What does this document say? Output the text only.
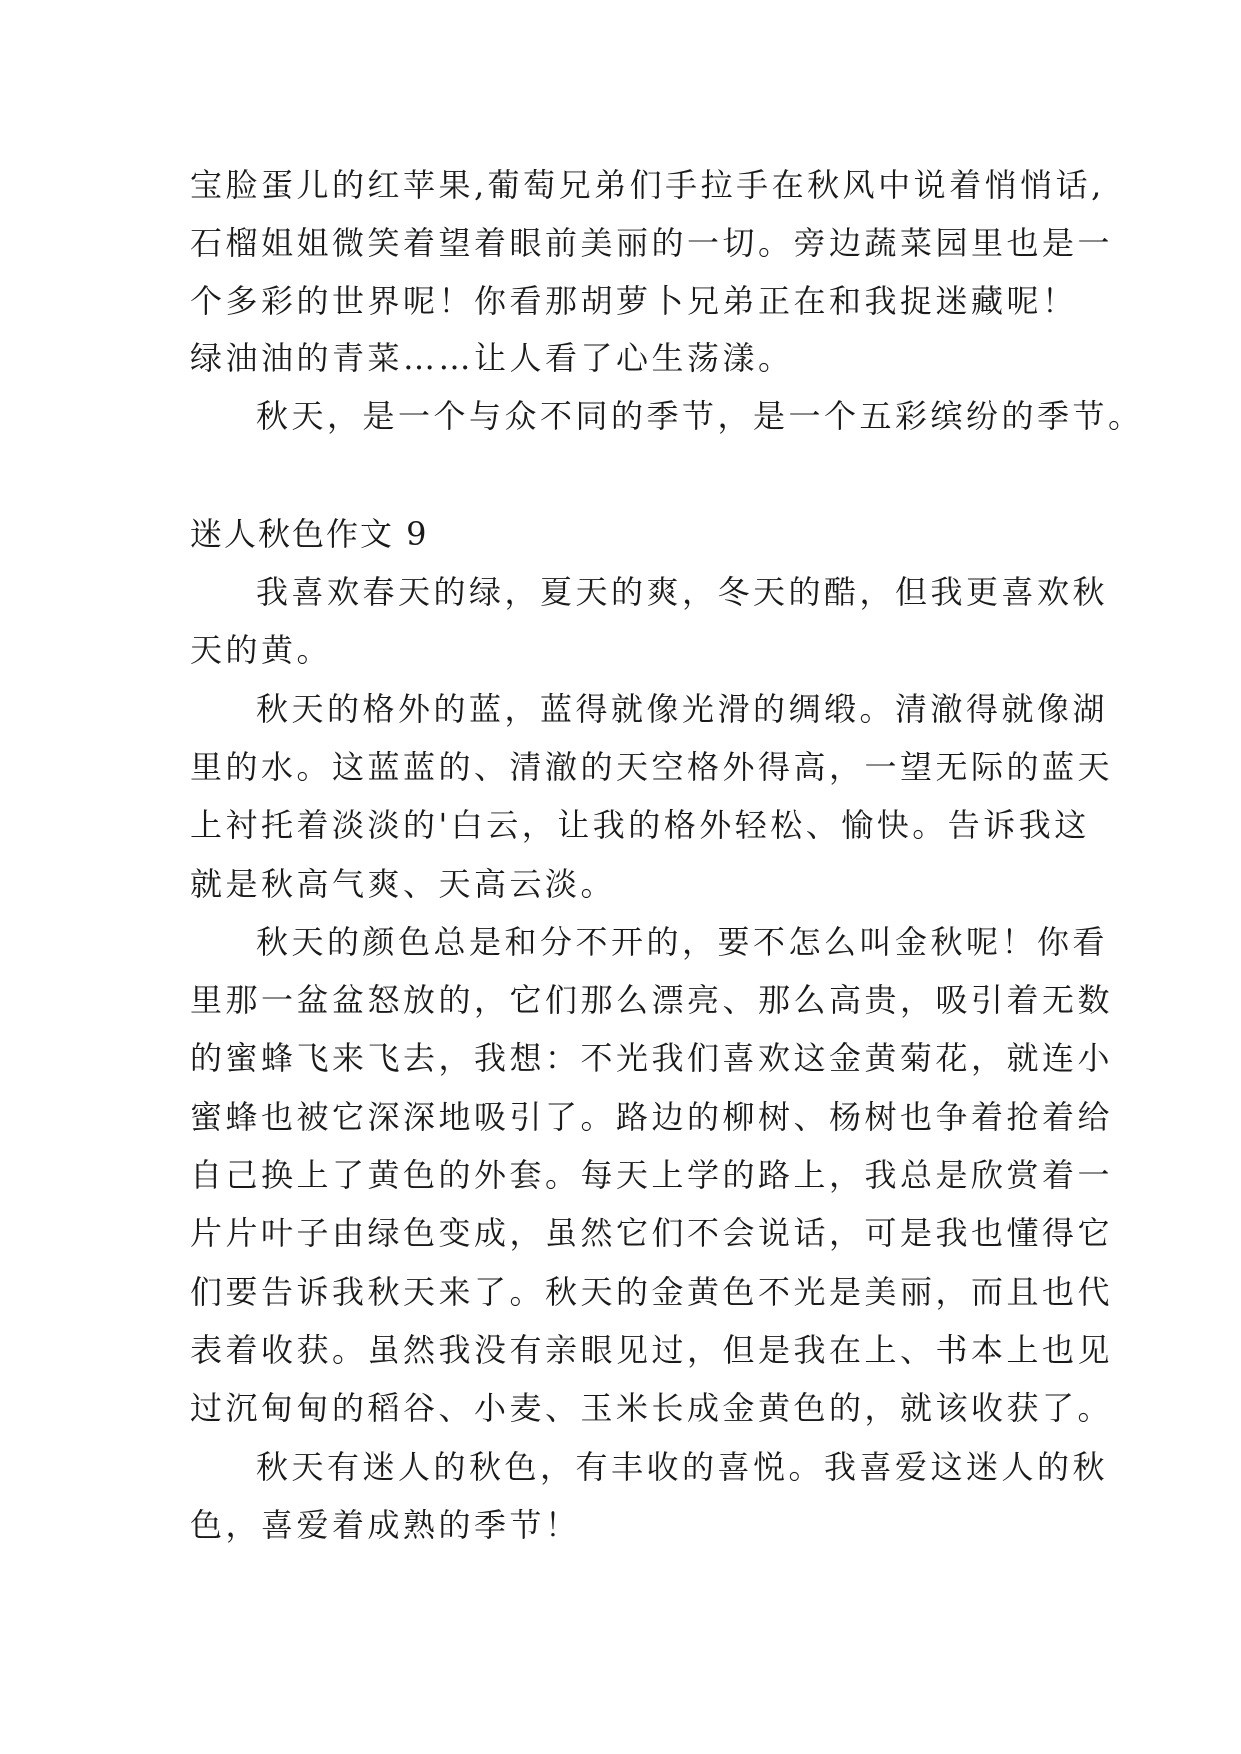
宝脸蛋儿的红苹果,葡萄兄弟们手拉手在秋风中说着悄悄话,
石榴姐姐微笑着望着眼前美丽的一切。旁边蔬菜园里也是一
个多彩的世界呢！你看那胡萝卜兄弟正在和我捉迷藏呢！
绿油油的青菜……让人看了心生荡漾。
秋天，是一个与众不同的季节，是一个五彩缤纷的季节。
迷人秋色作文 9
我喜欢春天的绿，夏天的爽，冬天的酷，但我更喜欢秋
天的黄。
秋天的格外的蓝，蓝得就像光滑的绸缎。清澈得就像湖
里的水。这蓝蓝的、清澈的天空格外得高，一望无际的蓝天
上衬托着淡淡的'白云，让我的格外轻松、愉快。告诉我这
就是秋高气爽、天高云淡。
秋天的颜色总是和分不开的，要不怎么叫金秋呢！你看
里那一盆盆怒放的，它们那么漂亮、那么高贵，吸引着无数
的蜜蜂飞来飞去，我想：不光我们喜欢这金黄菊花，就连小
蜜蜂也被它深深地吸引了。路边的柳树、杨树也争着抢着给
自己换上了黄色的外套。每天上学的路上，我总是欣赏着一
片片叶子由绿色变成，虽然它们不会说话，可是我也懂得它
们要告诉我秋天来了。秋天的金黄色不光是美丽，而且也代
表着收获。虽然我没有亲眼见过，但是我在上、书本上也见
过沉甸甸的稻谷、小麦、玉米长成金黄色的，就该收获了。
秋天有迷人的秋色，有丰收的喜悦。我喜爱这迷人的秋
色，喜爱着成熟的季节！
